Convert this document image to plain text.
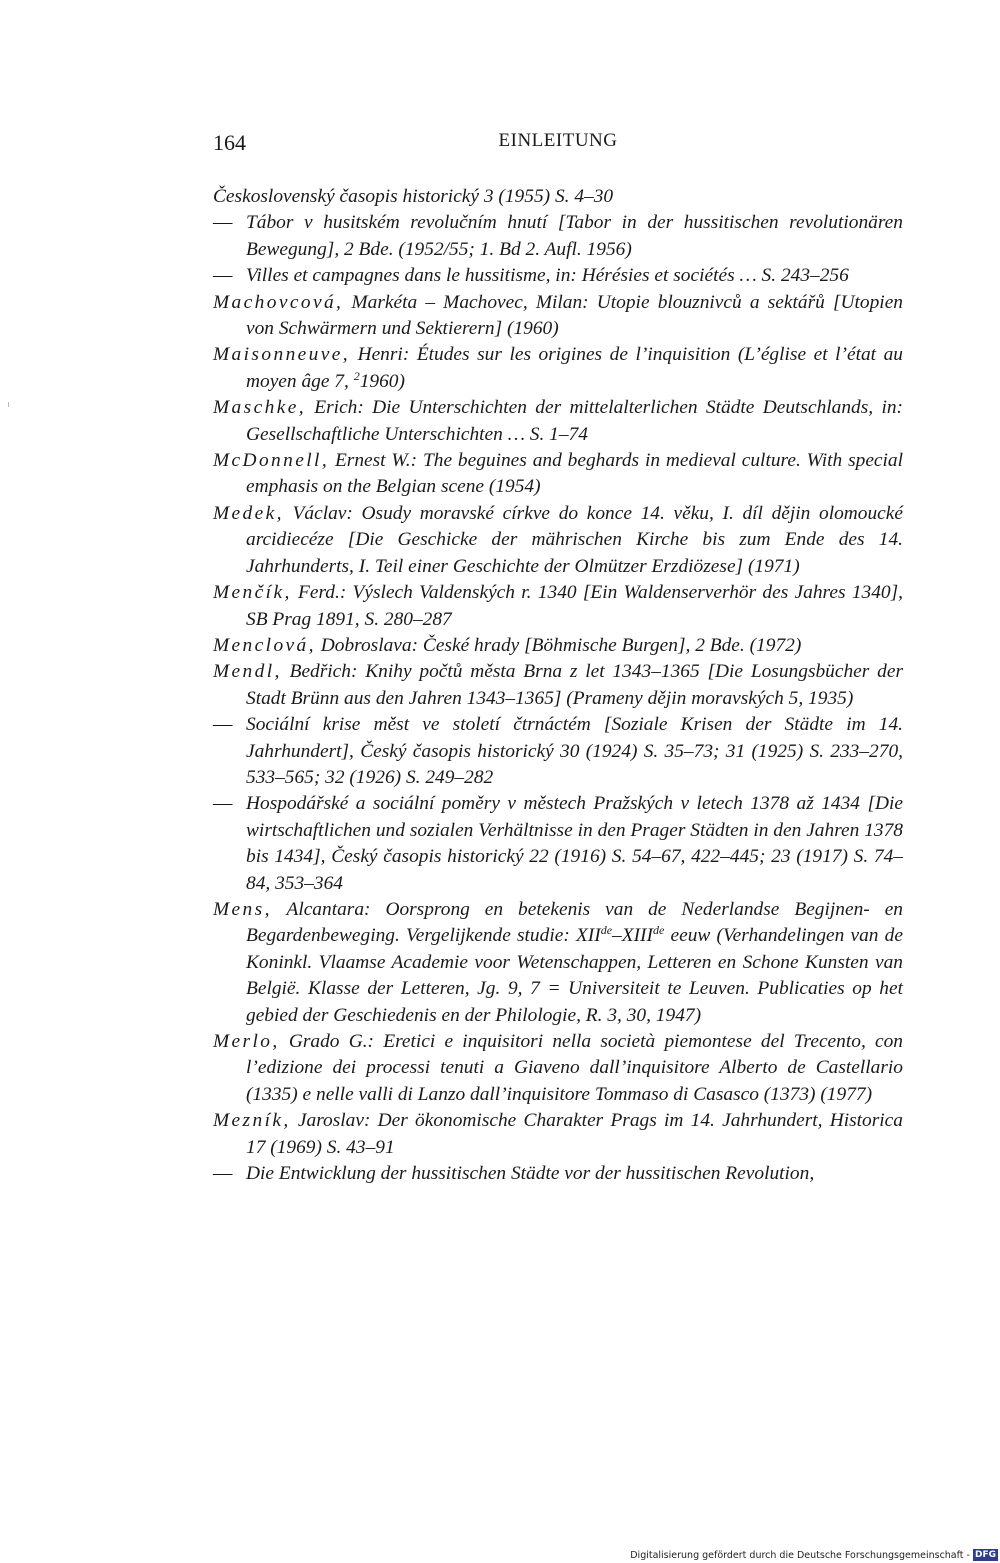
164	EINLEITUNG
Československý časopis historický 3 (1955) S. 4–30
— Tábor v husitském revolučním hnutí [Tabor in der hussitischen revolutionären Bewegung], 2 Bde. (1952/55; 1. Bd 2. Aufl. 1956)
— Villes et campagnes dans le hussitisme, in: Hérésies et sociétés … S. 243–256
Machovcová, Markéta – Machovec, Milan: Utopie blouznivců a sektářů [Utopien von Schwärmern und Sektierern] (1960)
Maisonneuve, Henri: Études sur les origines de l’inquisition (L’église et l’état au moyen âge 7, $^2$1960)
Maschke, Erich: Die Unterschichten der mittelalterlichen Städte Deutschlands, in: Gesellschaftliche Unterschichten … S. 1–74
McDonnell, Ernest W.: The beguines and beghards in medieval culture. With special emphasis on the Belgian scene (1954)
Medek, Václav: Osudy moravské církve do konce 14. věku, I. díl dějin olomoucké arcidiecéze [Die Geschicke der mährischen Kirche bis zum Ende des 14. Jahrhunderts, I. Teil einer Geschichte der Olmützer Erzdiözese] (1971)
Menčík, Ferd.: Výslech Valdenských r. 1340 [Ein Waldenserverhör des Jahres 1340], SB Prag 1891, S. 280–287
Menclová, Dobroslava: České hrady [Böhmische Burgen], 2 Bde. (1972)
Mendl, Bedřich: Knihy počtů města Brna z let 1343–1365 [Die Losungsbücher der Stadt Brünn aus den Jahren 1343–1365] (Prameny dějin moravských 5, 1935)
— Sociální krise měst ve století čtrnáctém [Soziale Krisen der Städte im 14. Jahrhundert], Český časopis historický 30 (1924) S. 35–73; 31 (1925) S. 233–270, 533–565; 32 (1926) S. 249–282
— Hospodářské a sociální poměry v městech Pražských v letech 1378 až 1434 [Die wirtschaftlichen und sozialen Verhältnisse in den Prager Städten in den Jahren 1378 bis 1434], Český časopis historický 22 (1916) S. 54–67, 422–445; 23 (1917) S. 74–84, 353–364
Mens, Alcantara: Oorsprong en betekenis van de Nederlandse Begijnen- en Begardenbeweging. Vergelijkende studie: XIIde–XIIIde eeuw (Verhandelingen van de Koninkl. Vlaamse Academie voor Wetenschappen, Letteren en Schone Kunsten van België. Klasse der Letteren, Jg. 9, 7 = Universiteit te Leuven. Publicaties op het gebied der Geschiedenis en der Philologie, R. 3, 30, 1947)
Merlo, Grado G.: Eretici e inquisitori nella società piemontese del Trecento, con l’edizione dei processi tenuti a Giaveno dall’inquisitore Alberto de Castellario (1335) e nelle valli di Lanzo dall’inquisitore Tommaso di Casasco (1373) (1977)
Mezník, Jaroslav: Der ökonomische Charakter Prags im 14. Jahrhundert, Historica 17 (1969) S. 43–91
— Die Entwicklung der hussitischen Städte vor der hussitischen Revolution,
Digitalisierung gefördert durch die Deutsche Forschungsgemeinschaft - DFG
